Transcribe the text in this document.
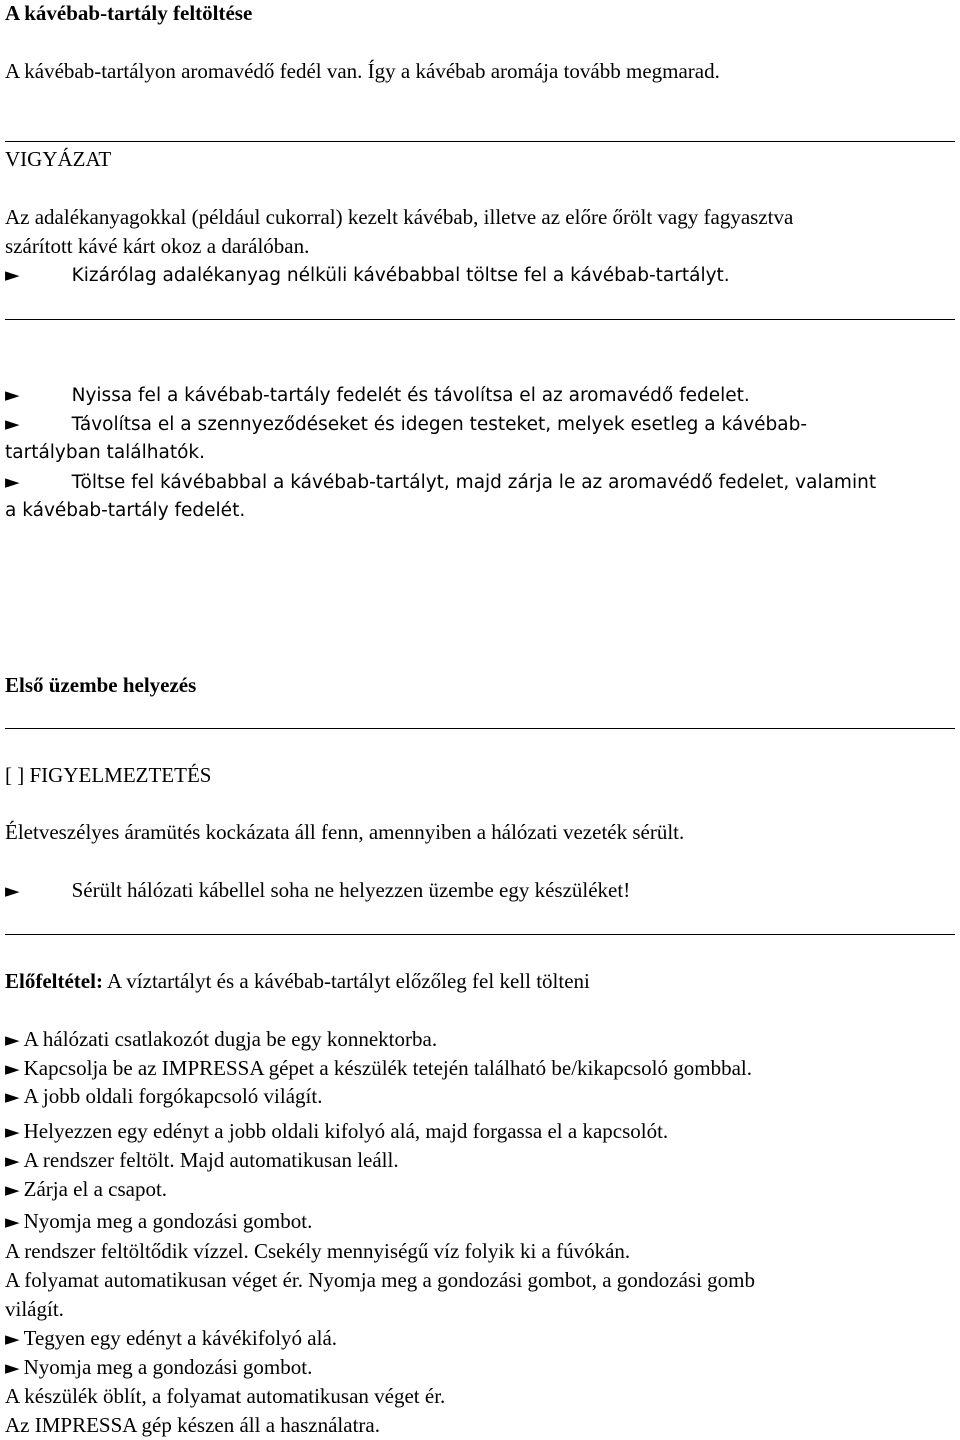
A kávébab-tartály feltöltése
A kávébab-tartályon aromavédő fedél van. Így a kávébab aromája tovább megmarad.
VIGYÁZAT
Az adalékanyagokkal (például cukorral) kezelt kávébab, illetve az előre őrölt vagy fagyasztva
szárított kávé kárt okoz a darálóban.
►	Kizárólag adalékanyag nélküli kávébabbal töltse fel a kávébab-tartályt.
►	Nyissa fel a kávébab-tartály fedelét és távolítsa el az aromavédő fedelet.
►	Távolítsa el a szennyeződéseket és idegen testeket, melyek esetleg a kávébab-
tartályban találhatók.
►	Töltse fel kávébabbal a kávébab-tartályt, majd zárja le az aromavédő fedelet, valamint
a kávébab-tartály fedelét.
Első üzembe helyezés
[ ] FIGYELMEZTETÉS
Életveszélyes áramütés kockázata áll fenn, amennyiben a hálózati vezeték sérült.
► Sérült hálózati kábellel soha ne helyezzen üzembe egy készüléket!
Előfeltétel: A víztartályt és a kávébab-tartályt előzőleg fel kell tölteni
► A hálózati csatlakozót dugja be egy konnektorba.
► Kapcsolja be az IMPRESSA gépet a készülék tetején található be/kikapcsoló gombbal.
► A jobb oldali forgókapcsoló világít.
► Helyezzen egy edényt a jobb oldali kifolyó alá, majd forgassa el a kapcsolót.
► A rendszer feltölt. Majd automatikusan leáll.
► Zárja el a csapot.
► Nyomja meg a gondozási gombot.
A rendszer feltöltődik vízzel. Csekély mennyiségű víz folyik ki a fúvókán.
A folyamat automatikusan véget ér. Nyomja meg a gondozási gombot, a gondozási gomb
világít.
► Tegyen egy edényt a kávékifolyó alá.
► Nyomja meg a gondozási gombot.
A készülék öblít, a folyamat automatikusan véget ér.
Az IMPRESSA gép készen áll a használatra.
